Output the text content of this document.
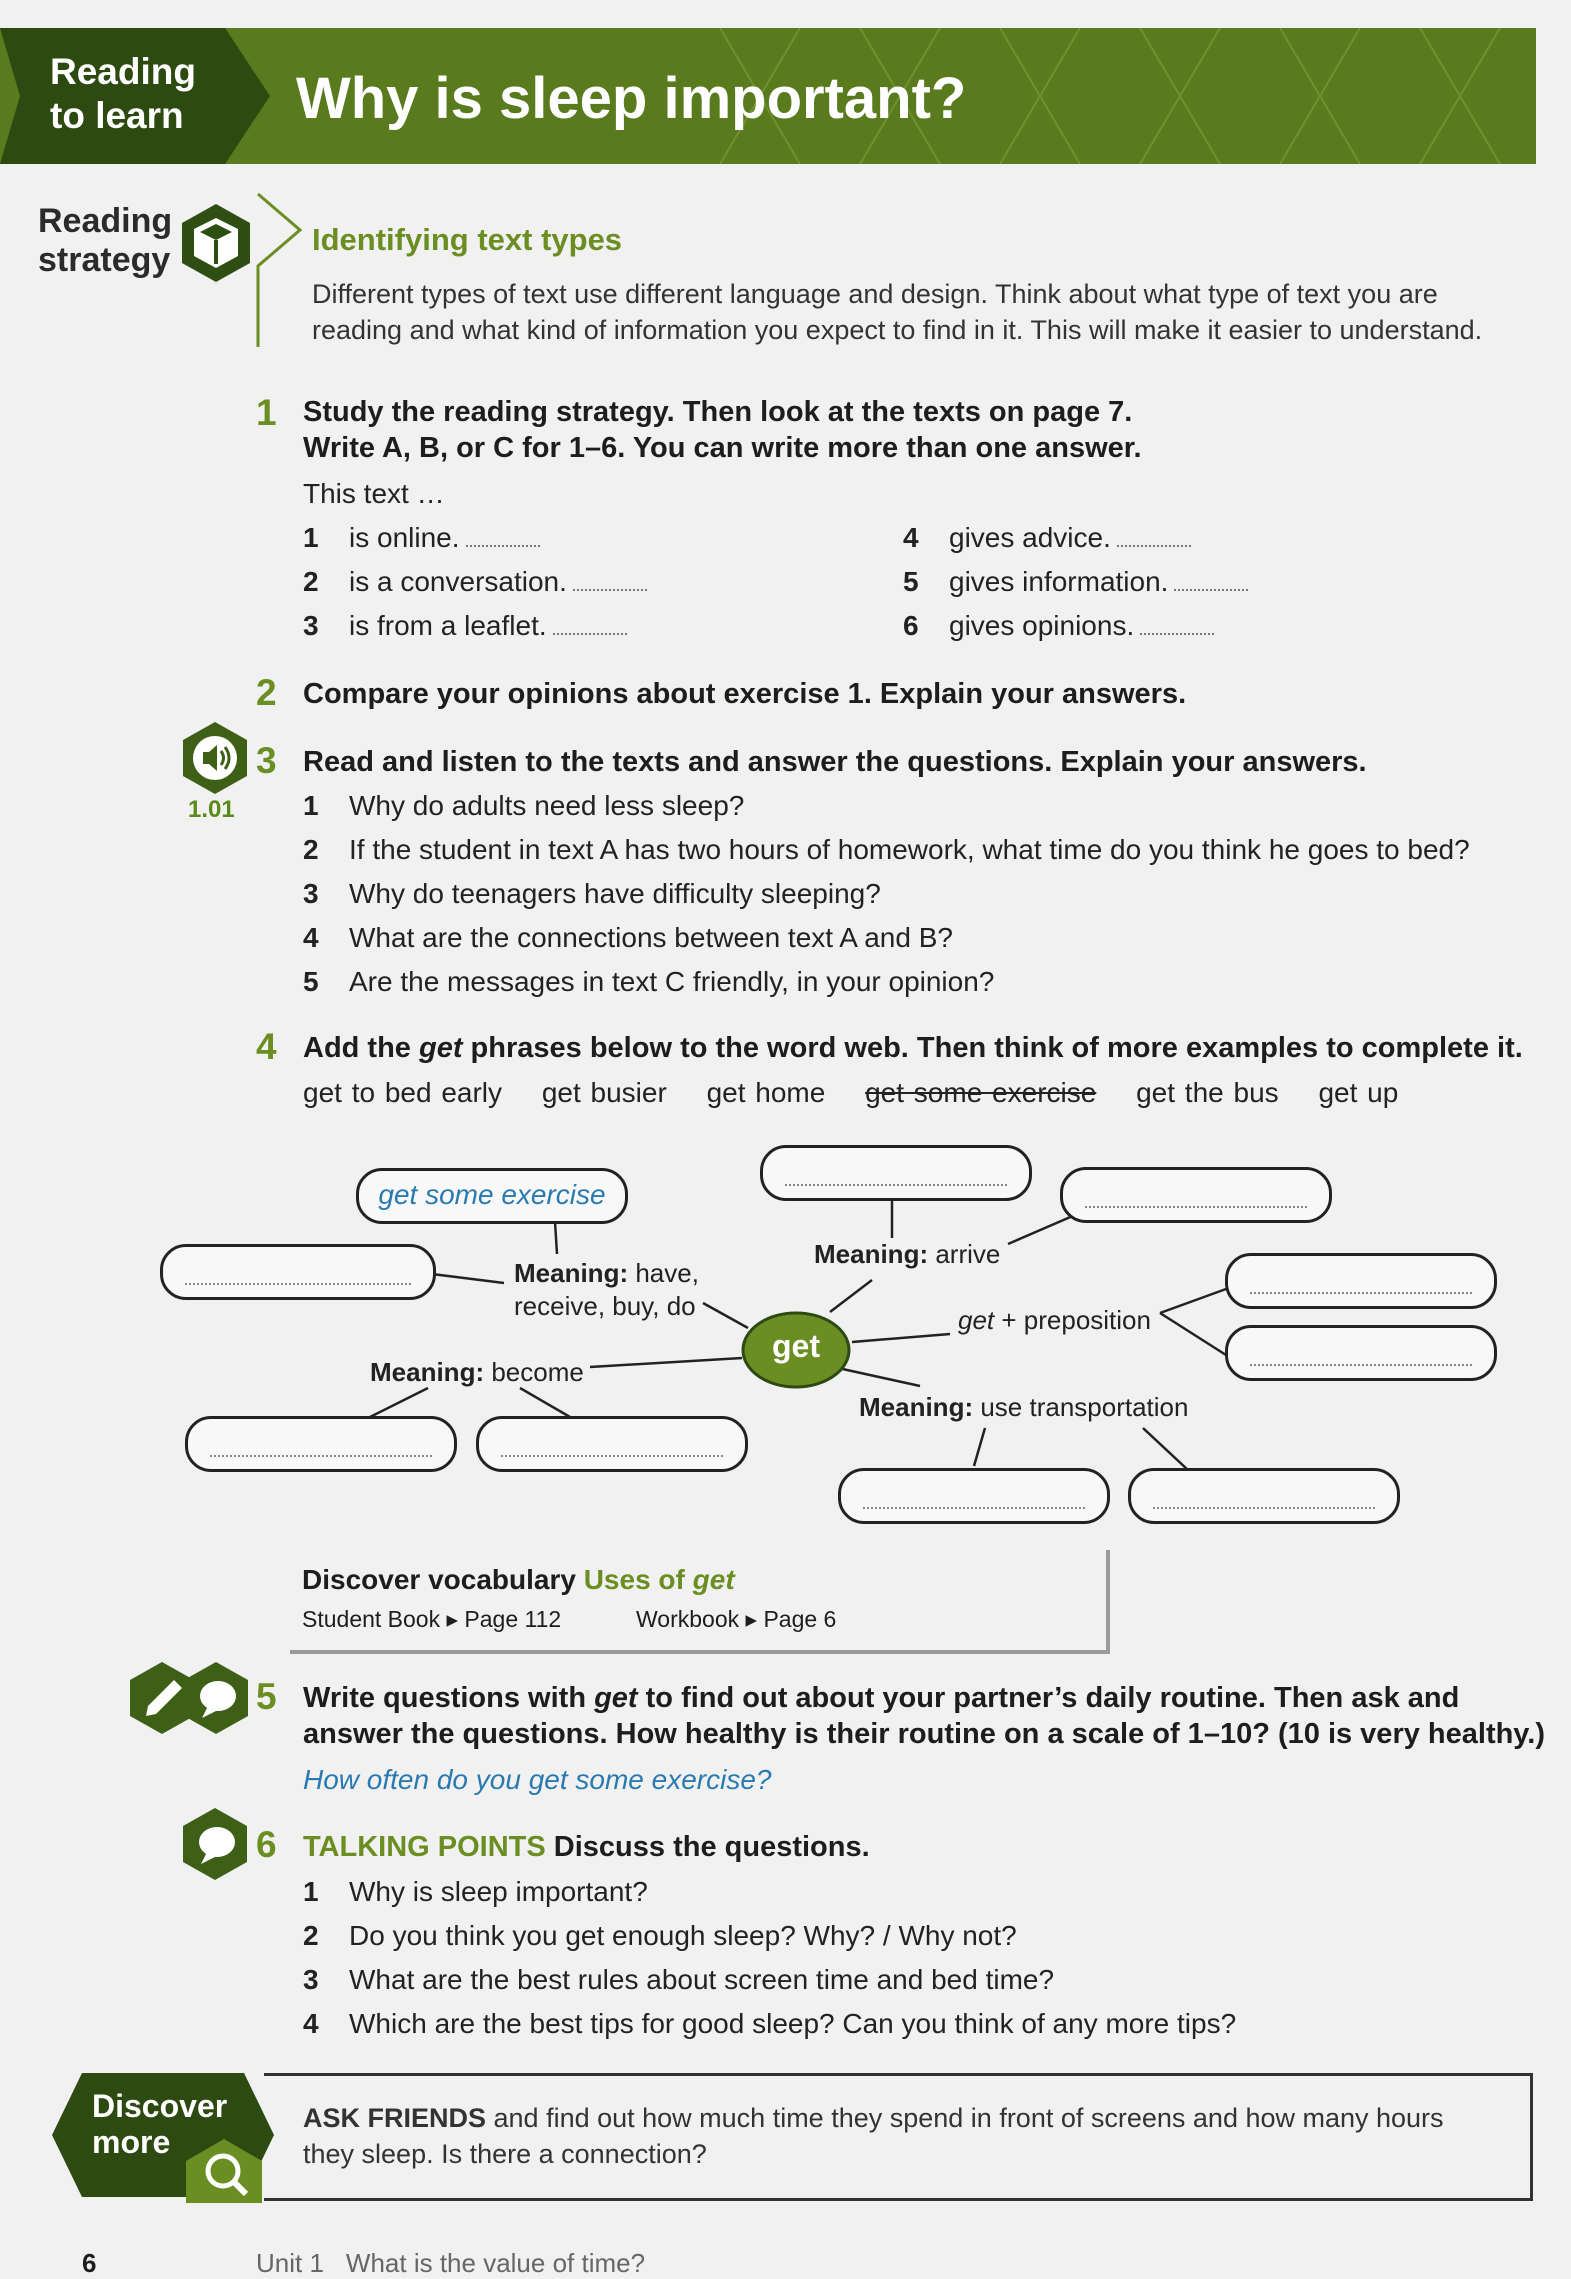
Reading
to learn Why is sleep important?
Reading
strategy
Identifying text types
Different types of text use different language and design. Think about what type of text you are
reading and what kind of information you expect to find in it. This will make it easier to understand.
1 Study the reading strategy. Then look at the texts on page 7.
Write A, B, or C for 1–6. You can write more than one answer.
This text …
1 is online.
2 is a conversation.
3 is from a leaflet.
4 gives advice.
5 gives information.
6 gives opinions.
2 Compare your opinions about exercise 1. Explain your answers.
1.01
3 Read and listen to the texts and answer the questions. Explain your answers.
1 Why do adults need less sleep?
2 If the student in text A has two hours of homework, what time do you think he goes to bed?
3 Why do teenagers have difficulty sleeping?
4 What are the connections between text A and B?
5 Are the messages in text C friendly, in your opinion?
4 Add the get phrases below to the word web. Then think of more examples to complete it.
get to bed early get busier get home get some exercise get the bus get up
get
get some exercise
Meaning: have,
receive, buy, do
Meaning: arrive
get + preposition
Meaning: become
Meaning: use transportation
Discover vocabulary Uses of get
Student Book ▸ Page 112	Workbook ▸ Page 6
5 Write questions with get to find out about your partner’s daily routine. Then ask and
answer the questions. How healthy is their routine on a scale of 1–10? (10 is very healthy.)
How often do you get some exercise?
6 TALKING POINTS Discuss the questions.
1 Why is sleep important?
2 Do you think you get enough sleep? Why? / Why not?
3 What are the best rules about screen time and bed time?
4 Which are the best tips for good sleep? Can you think of any more tips?
Discover
more
ASK FRIENDS and find out how much time they spend in front of screens and how many hours
they sleep. Is there a connection?
6	Unit 1 What is the value of time?
